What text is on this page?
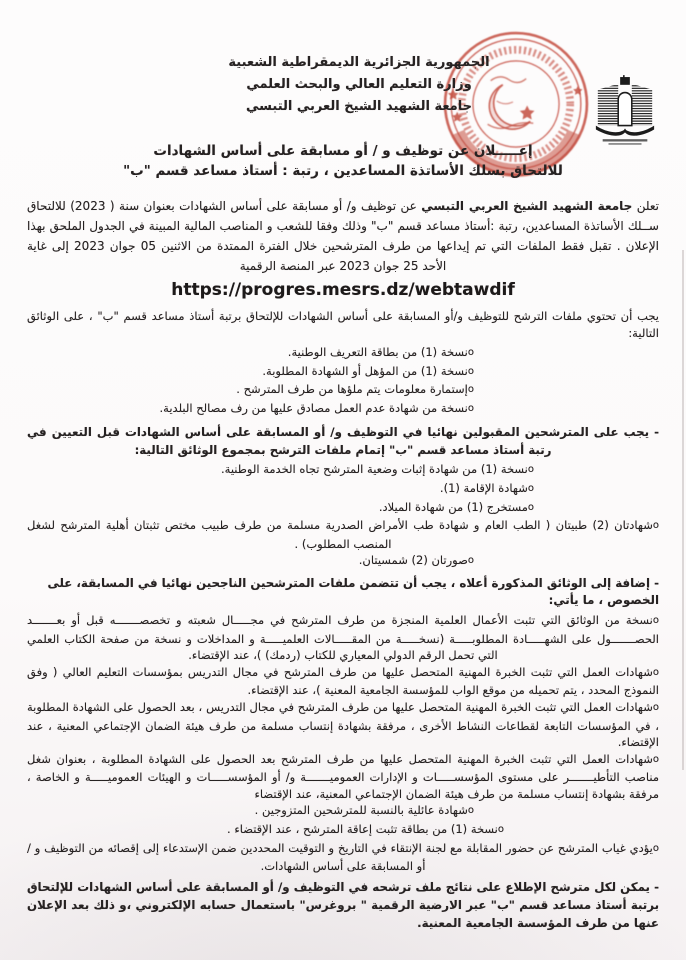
الجمهورية الجزائرية الديمقراطية الشعبية
وزارة التعليم العالي والبحث العلمي
جامعة الشهيد الشيخ العربي التبسي
إعـــــلان عن توظيف و / أو مسابقة على أساس الشهادات
للالتحاق بسلك الأساتذة المساعدين ، رتبة : أستاذ مساعد قسم "ب"

تعلن جامعة الشهيد الشيخ العربي التبسي عن توظيف و/ أو مسابقة على أساس الشهادات بعنوان سنة ( 2023) للالتحاق ســلك الأساتذة المساعدين، رتبة :أستاذ مساعد قسم "ب" وذلك وفقا للشعب و المناصب المالية المبينة في الجدول الملحق بهذا الإعلان . تقبل فقط الملفات التي تم إيداعها من طرف المترشحين خلال الفترة الممتدة من الاثنين 05 جوان 2023 إلى غاية الأحد 25 جوان 2023 عبر المنصة الرقمية

https://progres.mesrs.dz/webtawdif
يجب أن تحتوي ملفات الترشح للتوظيف و/أو المسابقة على أساس الشهادات للإلتحاق برتبة أستاذ مساعد قسم "ب" ، على الوثائق التالية:
oنسخة (1) من بطاقة التعريف الوطنية.
oنسخة (1) من المؤهل أو الشهادة المطلوبة.
oإستمارة معلومات يتم ملؤها من طرف المترشح .
oنسخة من شهادة عدم العمل مصادق عليها من رف مصالح البلدية.
- يجب على المترشحين المقبولين نهائيا في التوظيف و/ أو المسابقة على أساس الشهادات قبل التعيين في رتبة أستاذ مساعد قسم "ب" إتمام ملفات الترشح بمجموع الوثائق التالية:
oنسخة (1) من شهادة إثبات وضعية المترشح تجاه الخدمة الوطنية.
oشهادة الإقامة (1).
oمستخرج (1) من شهادة الميلاد.
oشهادتان (2) طبيتان ( الطب العام و شهادة طب الأمراض الصدرية مسلمة من طرف طبيب مختص تثبتان أهلية المترشح لشغل المنصب المطلوب) .
oصورتان (2) شمسيتان.
- إضافة إلى الوثائق المذكورة أعلاه ، يجب أن تتضمن ملفات المترشحين الناجحين نهائيا في المسابقة، على الخصوص ، ما يأتي:
oنسخة من الوثائق التي تثبت الأعمال العلمية المنجزة من طرف المترشح في مجـــــال شعبته و تخصصـــــــه قبل أو بعـــــــد الحصـــــــول على الشهـــــادة المطلوبـــــة (نسخـــــة من المقـــــالات العلميـــــة و المداخلات و نسخة من صفحة الكتاب العلمي التي تحمل الرقم الدولي المعياري للكتاب (ردمك) )، عند الإقتضاء.
oشهادات العمل التي تثبت الخبرة المهنية المتحصل عليها من طرف المترشح في مجال التدريس بمؤسسات التعليم العالي ( وفق النموذج المحدد ، يتم تحميله من موقع الواب للمؤسسة الجامعية المعنية )، عند الإقتضاء.
oشهادات العمل التي تثبت الخبرة المهنية المتحصل عليها من طرف المترشح في مجال التدريس ، بعد الحصول على الشهادة المطلوبة ، في المؤسسات التابعة لقطاعات النشاط الأخرى ، مرفقة بشهادة إنتساب مسلمة من طرف هيئة الضمان الإجتماعي المعنية ، عند الإقتضاء.
oشهادات العمل التي تثبت الخبرة المهنية المتحصل عليها من طرف المترشح بعد الحصول على الشهادة المطلوبة ، بعنوان شغل مناصب التأطيـــــــر على مستوى المؤسســـــات و الإدارات العموميـــــــة و/ أو المؤسســـــات و الهيئات العموميـــــة و الخاصة ، مرفقة بشهادة إنتساب مسلمة من طرف هيئة الضمان الإجتماعي المعنية، عند الإقتضاء
oشهادة عائلية بالنسبة للمترشحين المتزوجين .
oنسخة (1) من بطاقة تثبت إعاقة المترشح ، عند الإقتضاء .
oيؤدي غياب المترشح عن حضور المقابلة مع لجنة الإنتقاء في التاريخ و التوقيت المحددين ضمن الإستدعاء إلى إقصائه من التوظيف و /أو المسابقة على أساس الشهادات.
- يمكن لكل مترشح الإطلاع على نتائج ملف ترشحه في التوظيف و/ أو المسابقة على أساس الشهادات للإلتحاق برتبة أستاذ مساعد قسم "ب" عبر الارضية الرقمية " بروغرس" باستعمال حسابه الإلكتروني ،و ذلك بعد الإعلان عنها من طرف المؤسسة الجامعية المعنية.
